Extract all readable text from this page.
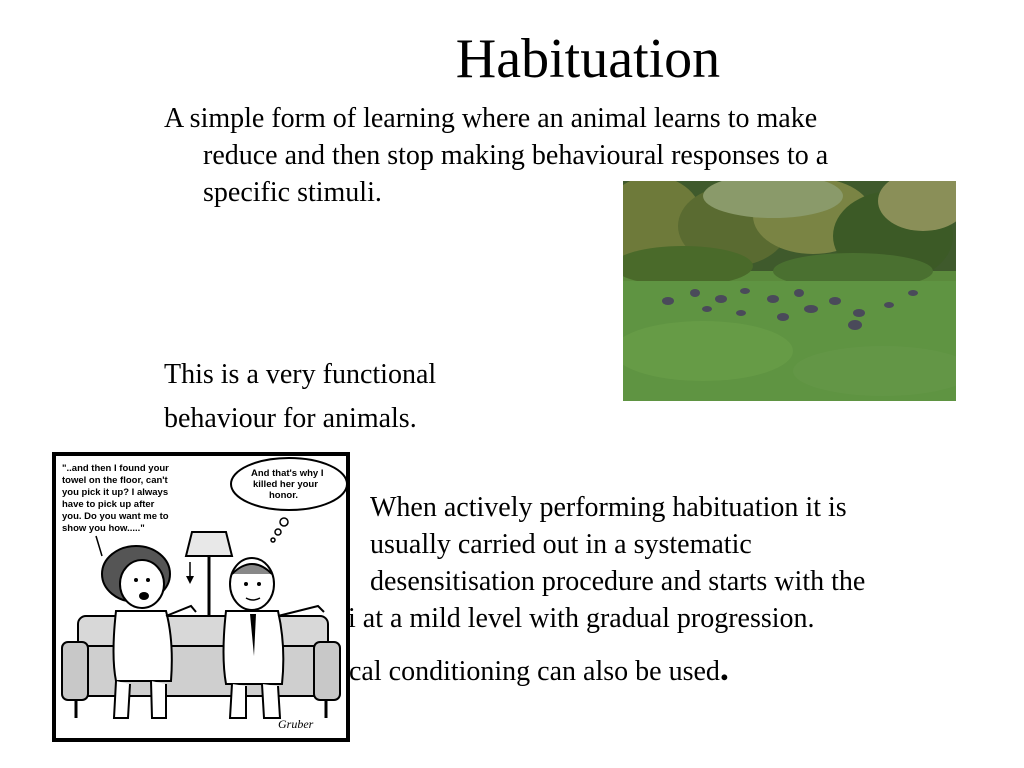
Habituation
A simple form of learning where an animal learns to make
reduce and then stop making behavioural responses to a
specific stimuli.
This is a very functional
behaviour for animals.
"..and then I found your
towel on the floor, can't
you pick it up? I always
have to pick up after
you. Do you want me to
show you how....."
And that's why I
killed her your
honor.
Gruber
When actively performing habituation it is
usually carried out in a systematic
desensitisation procedure and starts with the
i at a mild level with gradual progression.
cal conditioning can also be used.
